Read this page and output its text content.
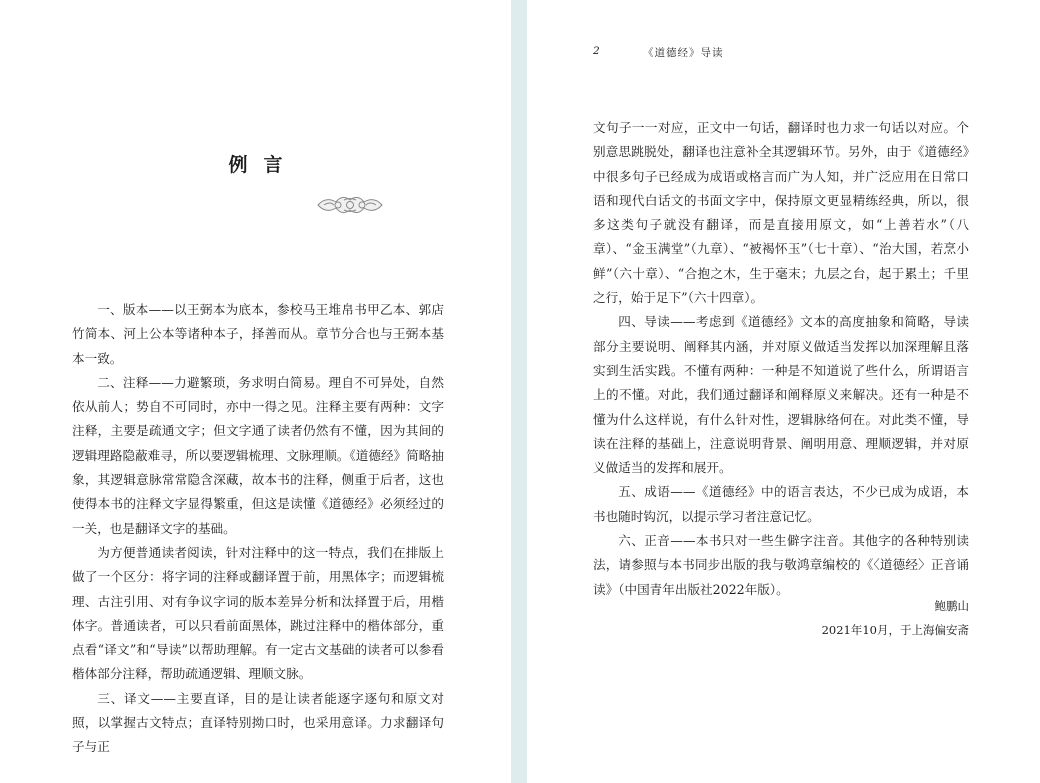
例言

一、版本——以王弼本为底本，参校马王堆帛书甲乙本、郭店竹简本、河上公本等诸种本子，择善而从。章节分合也与王弼本基本一致。

二、注释——力避繁琐，务求明白简易。理自不可异处，自然依从前人；势自不可同时，亦中一得之见。注释主要有两种：文字注释，主要是疏通文字；但文字通了读者仍然有不懂，因为其间的逻辑理路隐蔽难寻，所以要逻辑梳理、文脉理顺。《道德经》简略抽象，其逻辑意脉常常隐含深藏，故本书的注释，侧重于后者，这也使得本书的注释文字显得繁重，但这是读懂《道德经》必须经过的一关，也是翻译文字的基础。

为方便普通读者阅读，针对注释中的这一特点，我们在排版上做了一个区分：将字词的注释或翻译置于前，用黑体字；而逻辑梳理、古注引用、对有争议字词的版本差异分析和汰择置于后，用楷体字。普通读者，可以只看前面黑体，跳过注释中的楷体部分，重点看“译文”和“导读”以帮助理解。有一定古文基础的读者可以参看楷体部分注释，帮助疏通逻辑、理顺文脉。

三、译文——主要直译，目的是让读者能逐字逐句和原文对照，以掌握古文特点；直译特别拗口时，也采用意译。力求翻译句子与正

2	《道德经》导读

文句子一一对应，正文中一句话，翻译时也力求一句话以对应。个别意思跳脱处，翻译也注意补全其逻辑环节。另外，由于《道德经》中很多句子已经成为成语或格言而广为人知，并广泛应用在日常口语和现代白话文的书面文字中，保持原文更显精练经典，所以，很多这类句子就没有翻译，而是直接用原文，如“上善若水”（八章）、“金玉满堂”（九章）、“被褐怀玉”（七十章）、“治大国，若烹小鲜”（六十章）、“合抱之木，生于毫末；九层之台，起于累土；千里之行，始于足下”（六十四章）。

四、导读——考虑到《道德经》文本的高度抽象和简略，导读部分主要说明、阐释其内涵，并对原义做适当发挥以加深理解且落实到生活实践。不懂有两种：一种是不知道说了些什么，所谓语言上的不懂。对此，我们通过翻译和阐释原义来解决。还有一种是不懂为什么这样说，有什么针对性，逻辑脉络何在。对此类不懂，导读在注释的基础上，注意说明背景、阐明用意、理顺逻辑，并对原义做适当的发挥和展开。

五、成语——《道德经》中的语言表达，不少已成为成语，本书也随时钩沉，以提示学习者注意记忆。

六、正音——本书只对一些生僻字注音。其他字的各种特别读法，请参照与本书同步出版的我与敬鸿章编校的《〈道德经〉正音诵读》（中国青年出版社2022年版）。

鲍鹏山
2021年10月，于上海偏安斋
